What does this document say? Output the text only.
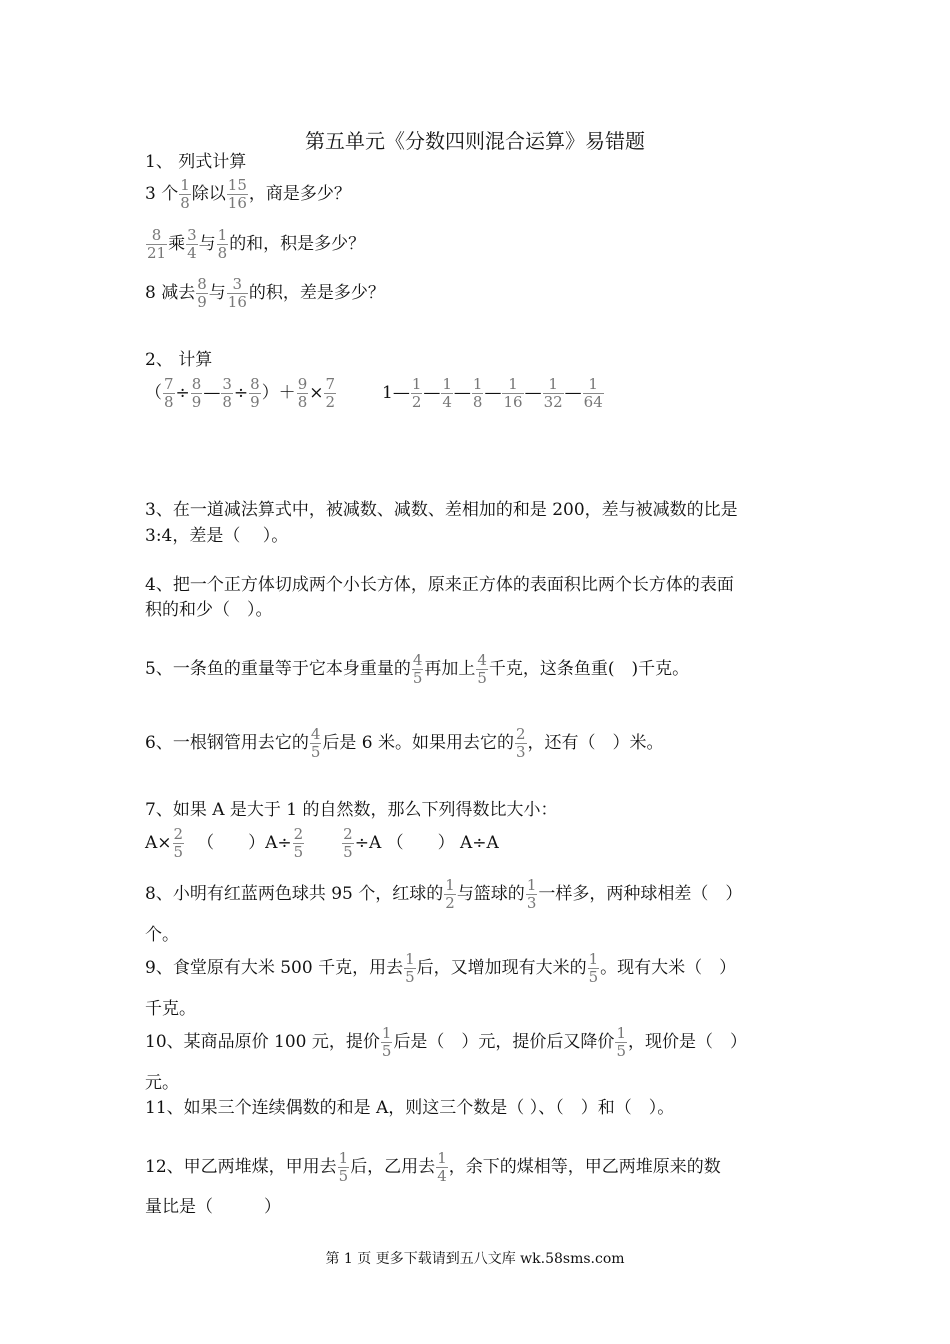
第五单元《分数四则混合运算》易错题
1、 列式计算
3 个 $\frac{1}{8}$ 除以 $\frac{15}{16}$ ，商是多少？
$\frac{8}{21}$ 乘 $\frac{3}{4}$ 与 $\frac{1}{8}$ 的和，积是多少？
8 减去 $\frac{8}{9}$ 与 $\frac{3}{16}$ 的积，差是多少？
2、 计算
（ $\frac{7}{8} \div \frac{8}{9}$ — $\frac{3}{8} \div \frac{8}{9}$ ）＋ $\frac{9}{8} \times \frac{7}{2}$	1— $\frac{1}{2}$ — $\frac{1}{4}$ — $\frac{1}{8}$ — $\frac{1}{16}$ — $\frac{1}{32}$ — $\frac{1}{64}$
3、在一道减法算式中，被减数、减数、差相加的和是 200，差与被减数的比是
3:4，差是（　 ）。
4、把一个正方体切成两个小长方体，原来正方体的表面积比两个长方体的表面
积的和少（　）。
5、一条鱼的重量等于它本身重量的 $\frac{4}{5}$ 再加上 $\frac{4}{5}$ 千克，这条鱼重(　)千克。
6、一根钢管用去它的 $\frac{4}{5}$ 后是 6 米。如果用去它的 $\frac{2}{3}$ ，还有（　）米。
7、如果 A 是大于 1 的自然数，那么下列得数比大小：
$A\times \frac{2}{5}$ （　　）$A\div \frac{2}{5}$	$\frac{2}{5} \div A$ （　　） A÷A
8、小明有红蓝两色球共 95 个，红球的 $\frac{1}{2}$ 与篮球的 $\frac{1}{3}$ 一样多，两种球相差（　）
个。
9、食堂原有大米 500 千克，用去 $\frac{1}{5}$ 后，又增加现有大米的 $\frac{1}{5}$ 。现有大米（　）
千克。
10、某商品原价 100 元，提价 $\frac{1}{5}$ 后是（　）元，提价后又降价 $\frac{1}{5}$ ，现价是（　）
元。
11、如果三个连续偶数的和是 A，则这三个数是（ ）、（　）和（　）。
12、甲乙两堆煤，甲用去 $\frac{1}{5}$ 后，乙用去 $\frac{1}{4}$ ，余下的煤相等，甲乙两堆原来的数
量比是（　　　）
第 1 页 更多下载请到五八文库 wk.58sms.com
